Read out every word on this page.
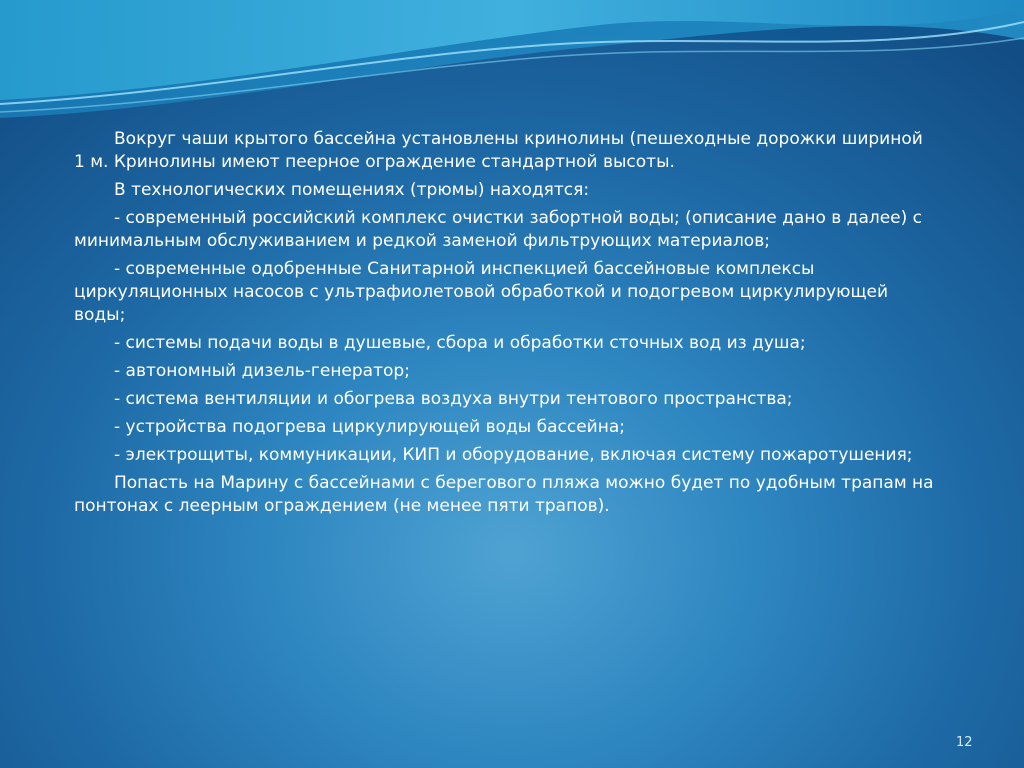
Вокруг чаши крытого бассейна установлены кринолины (пешеходные дорожки шириной 1 м. Кринолины имеют пеерное ограждение стандартной высоты.

В технологических помещениях (трюмы) находятся:

- современный российский комплекс очистки забортной воды; (описание дано в далее) с минимальным обслуживанием и редкой заменой фильтрующих материалов;

- современные одобренные Санитарной инспекцией бассейновые комплексы циркуляционных насосов с ультрафиолетовой обработкой и подогревом циркулирующей воды;

- системы подачи воды в душевые, сбора и обработки сточных вод из душа;

- автономный дизель-генератор;

- система вентиляции и обогрева воздуха внутри тентового пространства;

- устройства подогрева циркулирующей воды бассейна;

- электрощиты, коммуникации, КИП и оборудование, включая систему пожаротушения;

Попасть на Марину с бассейнами с берегового пляжа можно будет по удобным трапам на понтонах с леерным ограждением (не менее пяти трапов).

12
